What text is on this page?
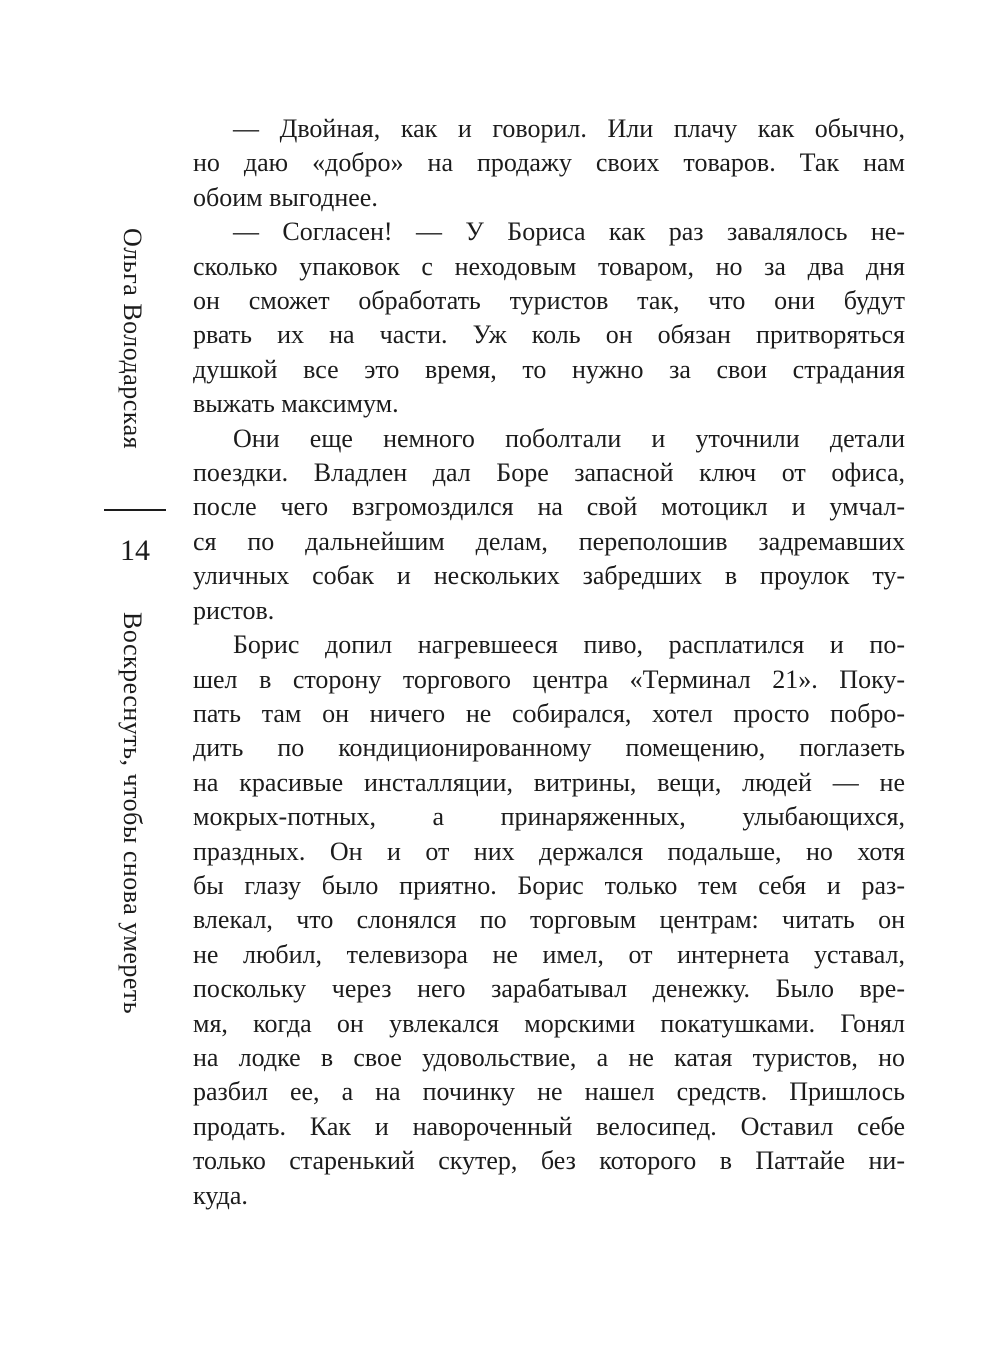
Ольга Володарская
14
Воскреснуть, чтобы снова умереть
— Двойная, как и говорил. Или плачу как обычно,
но даю «добро» на продажу своих товаров. Так нам
обоим выгоднее.
— Согласен! — У Бориса как раз завалялось не-
сколько упаковок с неходовым товаром, но за два дня
он сможет обработать туристов так, что они будут
рвать их на части. Уж коль он обязан притворяться
душкой все это время, то нужно за свои страдания
выжать максимум.
Они еще немного поболтали и уточнили детали
поездки. Владлен дал Боре запасной ключ от офиса,
после чего взгромоздился на свой мотоцикл и умчал-
ся по дальнейшим делам, переполошив задремавших
уличных собак и нескольких забредших в проулок ту-
ристов.
Борис допил нагревшееся пиво, расплатился и по-
шел в сторону торгового центра «Терминал 21». Поку-
пать там он ничего не собирался, хотел просто побро-
дить по кондиционированному помещению, поглазеть
на красивые инсталляции, витрины, вещи, людей — не
мокрых-потных, а принаряженных, улыбающихся,
праздных. Он и от них держался подальше, но хотя
бы глазу было приятно. Борис только тем себя и раз-
влекал, что слонялся по торговым центрам: читать он
не любил, телевизора не имел, от интернета уставал,
поскольку через него зарабатывал денежку. Было вре-
мя, когда он увлекался морскими покатушками. Гонял
на лодке в свое удовольствие, а не катая туристов, но
разбил ее, а на починку не нашел средств. Пришлось
продать. Как и навороченный велосипед. Оставил себе
только старенький скутер, без которого в Паттайе ни-
куда.
